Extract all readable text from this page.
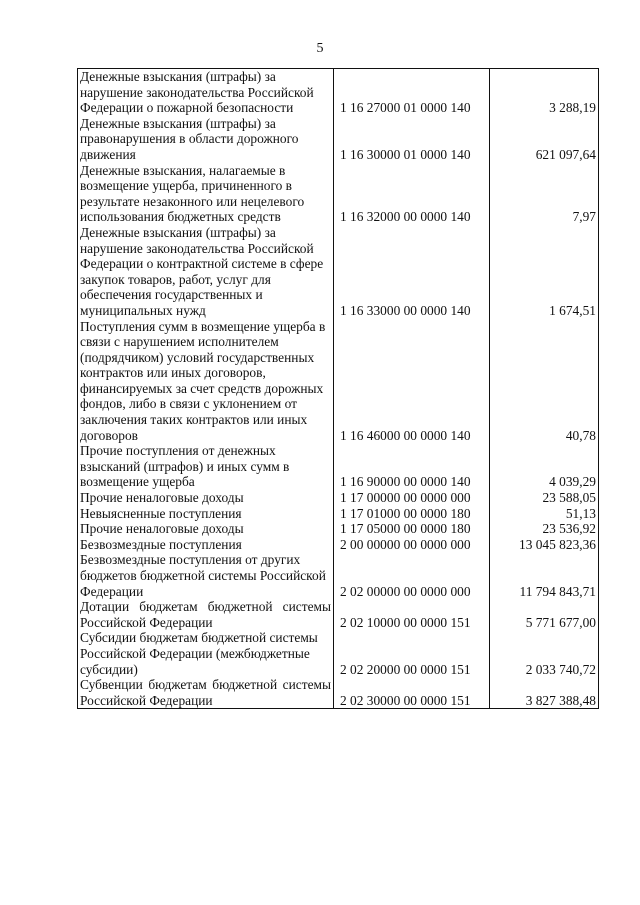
5
Денежные взыскания (штрафы) за нарушение законодательства Российской Федерации о пожарной безопасности	1 16 27000 01 0000 140	3 288,19
Денежные взыскания (штрафы) за правонарушения в области дорожного движения	1 16 30000 01 0000 140	621 097,64
Денежные взыскания, налагаемые в возмещение ущерба, причиненного в результате незаконного или нецелевого использования бюджетных средств	1 16 32000 00 0000 140	7,97
Денежные взыскания (штрафы) за нарушение законодательства Российской Федерации о контрактной системе в сфере закупок товаров, работ, услуг для обеспечения государственных и муниципальных нужд	1 16 33000 00 0000 140	1 674,51
Поступления сумм в возмещение ущерба в связи с нарушением исполнителем (подрядчиком) условий государственных контрактов или иных договоров, финансируемых за счет средств дорожных фондов, либо в связи с уклонением от заключения таких контрактов или иных договоров	1 16 46000 00 0000 140	40,78
Прочие поступления от денежных взысканий (штрафов) и иных сумм в возмещение ущерба	1 16 90000 00 0000 140	4 039,29
Прочие неналоговые доходы	1 17 00000 00 0000 000	23 588,05
Невыясненные поступления	1 17 01000 00 0000 180	51,13
Прочие неналоговые доходы	1 17 05000 00 0000 180	23 536,92
Безвозмездные поступления	2 00 00000 00 0000 000	13 045 823,36
Безвозмездные поступления от других бюджетов бюджетной системы Российской Федерации	2 02 00000 00 0000 000	11 794 843,71
Дотации бюджетам бюджетной системы Российской Федерации	2 02 10000 00 0000 151	5 771 677,00
Субсидии бюджетам бюджетной системы Российской Федерации (межбюджетные субсидии)	2 02 20000 00 0000 151	2 033 740,72
Субвенции бюджетам бюджетной системы Российской Федерации	2 02 30000 00 0000 151	3 827 388,48
